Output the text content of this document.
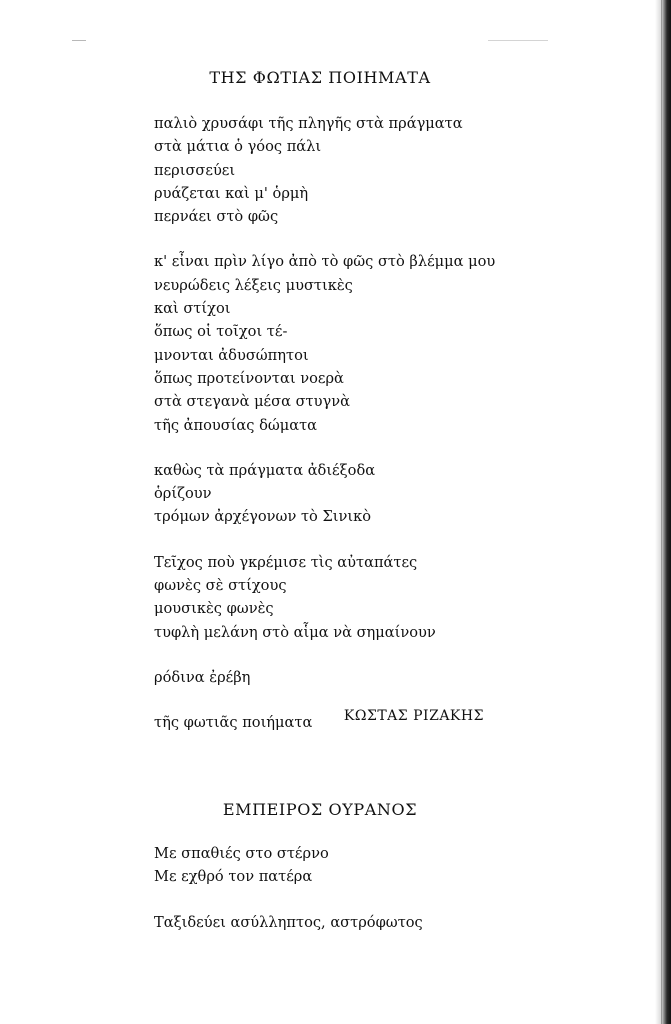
ΤΗΣ ΦΩΤΙΑΣ ΠΟΙΗΜΑΤΑ
παλιὸ χρυσάφι τῆς πληγῆς στὰ πράγματα
στὰ μάτια ὁ γόος πάλι
περισσεύει
ρυάζεται καὶ μ' ὁρμὴ
περνάει στὸ φῶς
κ' εἶναι πρὶν λίγο ἀπὸ τὸ φῶς στὸ βλέμμα μου
νευρώδεις λέξεις μυστικὲς
καὶ στίχοι
ὅπως οἱ τοῖχοι τέ-
μνονται ἀδυσώπητοι
ὅπως προτείνονται νοερὰ
στὰ στεγανὰ μέσα στυγνὰ
τῆς ἀπουσίας δώματα
καθὼς τὰ πράγματα ἀδιέξοδα
ὁρίζουν
τρόμων ἀρχέγονων τὸ Σινικὸ
Τεῖχος ποὺ γκρέμισε τὶς αὐταπάτες
φωνὲς σὲ στίχους
μουσικὲς φωνὲς
τυφλὴ μελάνη στὸ αἷμα νὰ σημαίνουν
ρόδινα ἐρέβη
τῆς φωτιᾶς ποιήματα	ΚΩΣΤΑΣ ΡΙΖΑΚΗΣ
ΕΜΠΕΙΡΟΣ ΟΥΡΑΝΟΣ
Με σπαθιές στο στέρνο
Με εχθρό τον πατέρα
Ταξιδεύει ασύλληπτος, αστρόφωτος
